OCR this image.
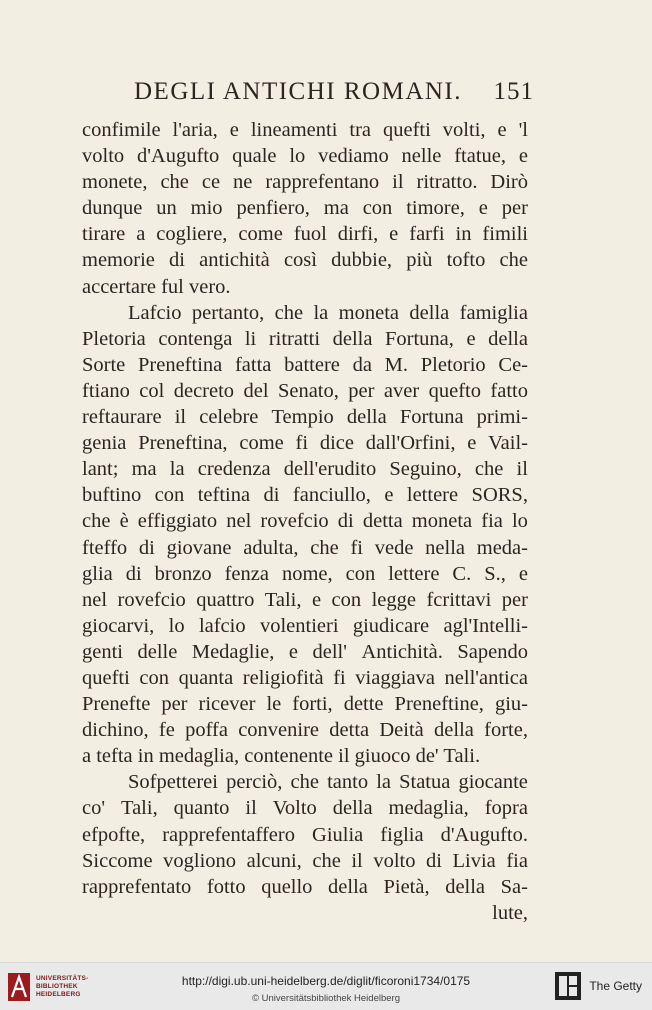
DEGLI ANTICHI ROMANI. 151
confimile l'aria, e lineamenti tra quefti volti, e 'l
volto d'Augufto quale lo vediamo nelle ftatue, e
monete, che ce ne rapprefentano il ritratto. Dirò
dunque un mio penfiero, ma con timore, e per
tirare a cogliere, come fuol dirfi, e farfi in fimili
memorie di antichità così dubbie, più tofto che
accertare ful vero.
Lafcio pertanto, che la moneta della famiglia
Pletoria contenga li ritratti della Fortuna, e della
Sorte Preneftina fatta battere da M. Pletorio Ce-
ftiano col decreto del Senato, per aver quefto fatto
reftaurare il celebre Tempio della Fortuna primi-
genia Preneftina, come fi dice dall'Orfini, e Vail-
lant; ma la credenza dell'erudito Seguino, che il
buftino con teftina di fanciullo, e lettere SORS,
che è effiggiato nel rovefcio di detta moneta fia lo
fteffo di giovane adulta, che fi vede nella meda-
glia di bronzo fenza nome, con lettere C. S., e
nel rovefcio quattro Tali, e con legge fcrittavi per
giocarvi, lo lafcio volentieri giudicare agl'Intelli-
genti delle Medaglie, e dell' Antichità. Sapendo
quefti con quanta religiofità fi viaggiava nell'antica
Prenefte per ricever le forti, dette Preneftine, giu-
dichino, fe poffa convenire detta Deità della forte,
a tefta in medaglia, contenente il giuoco de' Tali.
Sofpetterei perciò, che tanto la Statua giocante
co' Tali, quanto il Volto della medaglia, fopra
efpofte, rapprefentaffero Giulia figlia d'Augufto.
Siccome vogliono alcuni, che il volto di Livia fia
rapprefentato fotto quello della Pietà, della Sa-
lute,
UNIVERSITÄTS-
BIBLIOTHEK
HEIDELBERG
http://digi.ub.uni-heidelberg.de/diglit/ficoroni1734/0175
© Universitätsbibliothek Heidelberg
The Getty
